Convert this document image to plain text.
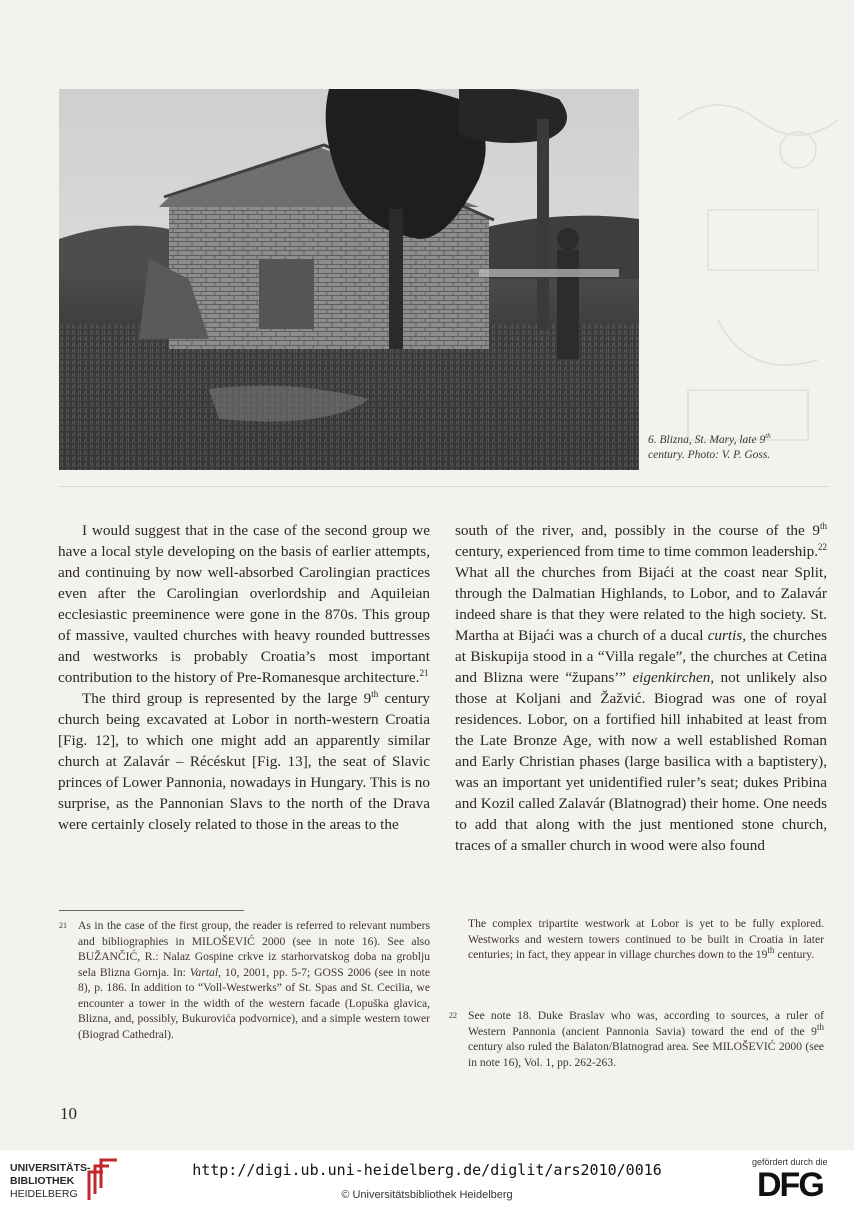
6. Blizna, St. Mary, late 9th
century. Photo: V. P. Goss.

I would suggest that in the case of the second group we have a local style developing on the basis of earlier attempts, and continuing by now well-absorbed Carolingian practices even after the Carolingian overlordship and Aquileian ecclesiastic preeminence were gone in the 870s. This group of massive, vaulted churches with heavy rounded buttresses and westworks is probably Croatia’s most important contribution to the history of Pre-Romanesque architecture.$^{21}$

The third group is represented by the large 9th century church being excavated at Lobor in north-western Croatia [Fig. 12], to which one might add an apparently similar church at Zalavár – Récéskut [Fig. 13], the seat of Slavic princes of Lower Pannonia, nowadays in Hungary. This is no surprise, as the Pannonian Slavs to the north of the Drava were certainly closely related to those in the areas to the

south of the river, and, possibly in the course of the 9th century, experienced from time to time common leadership.$^{22}$ What all the churches from Bijaći at the coast near Split, through the Dalmatian Highlands, to Lobor, and to Zalavár indeed share is that they were related to the high society. St. Martha at Bijaći was a church of a ducal curtis, the churches at Biskupija stood in a “Villa regale”, the churches at Cetina and Blizna were “župans’” eigenkirchen, not unlikely also those at Koljani and Žažvić. Biograd was one of royal residences. Lobor, on a fortified hill inhabited at least from the Late Bronze Age, with now a well established Roman and Early Christian phases (large basilica with a baptistery), was an important yet unidentified ruler’s seat; dukes Pribina and Kozil called Zalavár (Blatnograd) their home. One needs to add that along with the just mentioned stone church, traces of a smaller church in wood were also found

21 As in the case of the first group, the reader is referred to relevant numbers and bibliographies in MILOŠEVIĆ 2000 (see in note 16). See also BUŽANČIĆ, R.: Nalaz Gospine crkve iz starhorvatskog doba na groblju sela Blizna Gornja. In: Vartal, 10, 2001, pp. 5-7; GOSS 2006 (see in note 8), p. 186. In addition to “Voll-Westwerks” of St. Spas and St. Cecilia, we encounter a tower in the width of the western facade (Lopuška glavica, Blizna, and, possibly, Bukurovića podvornice), and a simple western tower (Biograd Cathedral).
The complex tripartite westwork at Lobor is yet to be fully explored. Westworks and western towers continued to be built in Croatia in later centuries; in fact, they appear in village churches down to the 19th century.
22 See note 18. Duke Braslav who was, according to sources, a ruler of Western Pannonia (ancient Pannonia Savia) toward the end of the 9th century also ruled the Balaton/Blatnograd area. See MILOŠEVIĆ 2000 (see in note 16), Vol. 1, pp. 262-263.
10
UNIVERSITÄTS-
BIBLIOTHEK
HEIDELBERG
http://digi.ub.uni-heidelberg.de/diglit/ars2010/0016
© Universitätsbibliothek Heidelberg
gefördert durch die
DFG
